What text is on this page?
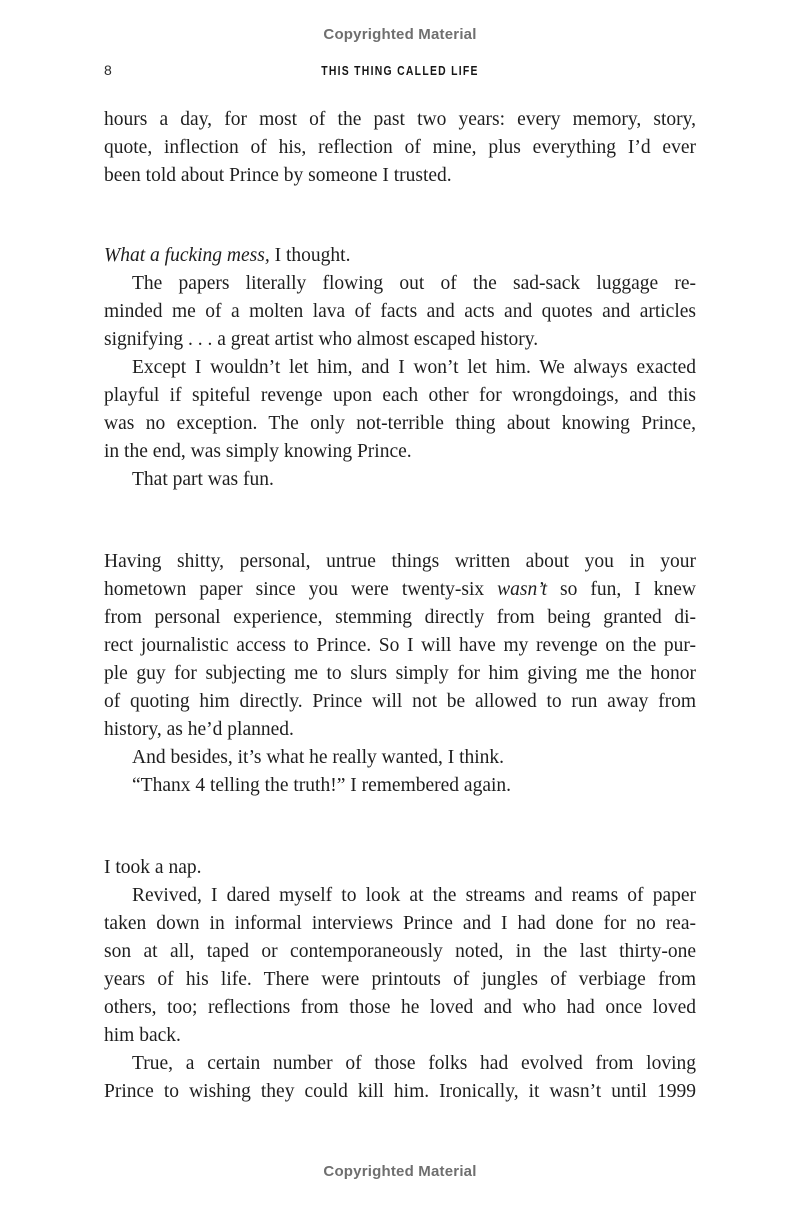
Copyrighted Material
8	THIS THING CALLED LIFE
hours a day, for most of the past two years: every memory, story,
quote, inflection of his, reflection of mine, plus everything I’d ever
been told about Prince by someone I trusted.
What a fucking mess, I thought.
The papers literally flowing out of the sad-sack luggage re-
minded me of a molten lava of facts and acts and quotes and articles
signifying . . . a great artist who almost escaped history.
Except I wouldn’t let him, and I won’t let him. We always exacted
playful if spiteful revenge upon each other for wrongdoings, and this
was no exception. The only not-terrible thing about knowing Prince,
in the end, was simply knowing Prince.
That part was fun.
Having shitty, personal, untrue things written about you in your
hometown paper since you were twenty-six wasn’t so fun, I knew
from personal experience, stemming directly from being granted di-
rect journalistic access to Prince. So I will have my revenge on the pur-
ple guy for subjecting me to slurs simply for him giving me the honor
of quoting him directly. Prince will not be allowed to run away from
history, as he’d planned.
And besides, it’s what he really wanted, I think.
“Thanx 4 telling the truth!” I remembered again.
I took a nap.
Revived, I dared myself to look at the streams and reams of paper
taken down in informal interviews Prince and I had done for no rea-
son at all, taped or contemporaneously noted, in the last thirty-one
years of his life. There were printouts of jungles of verbiage from
others, too; reflections from those he loved and who had once loved
him back.
True, a certain number of those folks had evolved from loving
Prince to wishing they could kill him. Ironically, it wasn’t until 1999
Copyrighted Material
